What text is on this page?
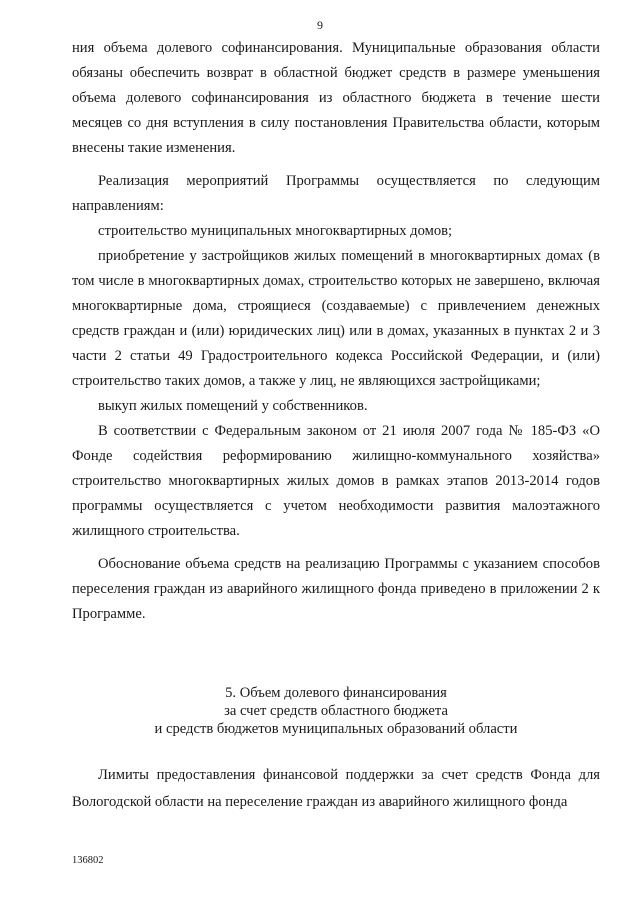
9

ния объема долевого софинансирования. Муниципальные образования области обязаны обеспечить возврат в областной бюджет средств в размере уменьшения объема долевого софинансирования из областного бюджета в течение шести месяцев со дня вступления в силу постановления Правительства области, которым внесены такие изменения.

Реализация мероприятий Программы осуществляется по следующим направлениям:

строительство муниципальных многоквартирных домов;

приобретение у застройщиков жилых помещений в многоквартирных домах (в том числе в многоквартирных домах, строительство которых не завершено, включая многоквартирные дома, строящиеся (создаваемые) с привлечением денежных средств граждан и (или) юридических лиц) или в домах, указанных в пунктах 2 и 3 части 2 статьи 49 Градостроительного кодекса Российской Федерации, и (или) строительство таких домов, а также у лиц, не являющихся застройщиками;

выкуп жилых помещений у собственников.

В соответствии с Федеральным законом от 21 июля 2007 года № 185-ФЗ «О Фонде содействия реформированию жилищно-коммунального хозяйства» строительство многоквартирных жилых домов в рамках этапов 2013-2014 годов программы осуществляется с учетом необходимости развития малоэтажного жилищного строительства.

Обоснование объема средств на реализацию Программы с указанием способов переселения граждан из аварийного жилищного фонда приведено в приложении 2 к Программе.

5. Объем долевого финансирования
за счет средств областного бюджета
и средств бюджетов муниципальных образований области

Лимиты предоставления финансовой поддержки за счет средств Фонда для Вологодской области на переселение граждан из аварийного жилищного фонда

136802
